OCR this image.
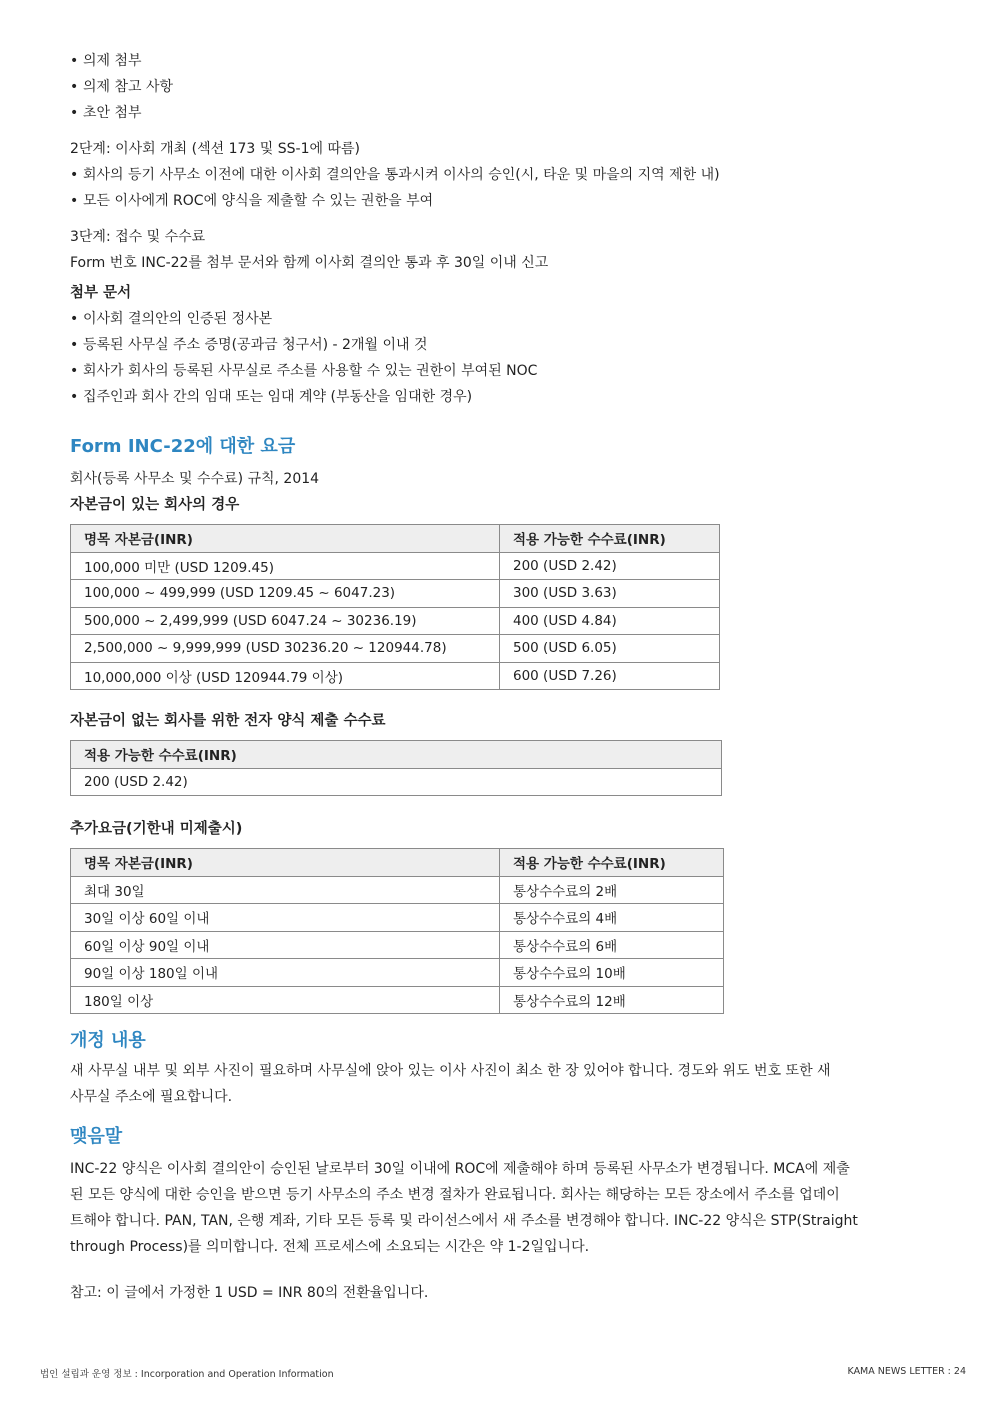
• 의제 첨부

• 의제 참고 사항

• 초안 첨부

2단계: 이사회 개최 (섹션 173 및 SS-1에 따름)

• 회사의 등기 사무소 이전에 대한 이사회 결의안을 통과시켜 이사의 승인(시, 타운 및 마을의 지역 제한 내)

• 모든 이사에게 ROC에 양식을 제출할 수 있는 권한을 부여

3단계: 접수 및 수수료

Form 번호 INC-22를 첨부 문서와 함께 이사회 결의안 통과 후 30일 이내 신고

첨부 문서

• 이사회 결의안의 인증된 정사본

• 등록된 사무실 주소 증명(공과금 청구서) - 2개월 이내 것

• 회사가 회사의 등록된 사무실로 주소를 사용할 수 있는 권한이 부여된 NOC

• 집주인과 회사 간의 임대 또는 임대 계약 (부동산을 임대한 경우)

Form INC-22에 대한 요금

회사(등록 사무소 및 수수료) 규칙, 2014

자본금이 있는 회사의 경우

명목 자본금(INR)	적용 가능한 수수료(INR)
100,000 미만 (USD 1209.45)	200 (USD 2.42)
100,000 ~ 499,999 (USD 1209.45 ~ 6047.23)	300 (USD 3.63)
500,000 ~ 2,499,999 (USD 6047.24 ~ 30236.19)	400 (USD 4.84)
2,500,000 ~ 9,999,999 (USD 30236.20 ~ 120944.78)	500 (USD 6.05)
10,000,000 이상 (USD 120944.79 이상)	600 (USD 7.26)

자본금이 없는 회사를 위한 전자 양식 제출 수수료

적용 가능한 수수료(INR)
200 (USD 2.42)

추가요금(기한내 미제출시)

명목 자본금(INR)	적용 가능한 수수료(INR)
최대 30일	통상수수료의 2배
30일 이상 60일 이내	통상수수료의 4배
60일 이상 90일 이내	통상수수료의 6배
90일 이상 180일 이내	통상수수료의 10배
180일 이상	통상수수료의 12배

개정 내용

새 사무실 내부 및 외부 사진이 필요하며 사무실에 앉아 있는 이사 사진이 최소 한 장 있어야 합니다. 경도와 위도 번호 또한 새

사무실 주소에 필요합니다.

맺음말

INC-22 양식은 이사회 결의안이 승인된 날로부터 30일 이내에 ROC에 제출해야 하며 등록된 사무소가 변경됩니다. MCA에 제출

된 모든 양식에 대한 승인을 받으면 등기 사무소의 주소 변경 절차가 완료됩니다. 회사는 해당하는 모든 장소에서 주소를 업데이

트해야 합니다. PAN, TAN, 은행 계좌, 기타 모든 등록 및 라이선스에서 새 주소를 변경해야 합니다. INC-22 양식은 STP(Straight

through Process)를 의미합니다. 전체 프로세스에 소요되는 시간은 약 1-2일입니다.

참고: 이 글에서 가정한 1 USD = INR 80의 전환율입니다.

법인 설립과 운영 정보 : Incorporation and Operation Information	KAMA NEWS LETTER : 24
